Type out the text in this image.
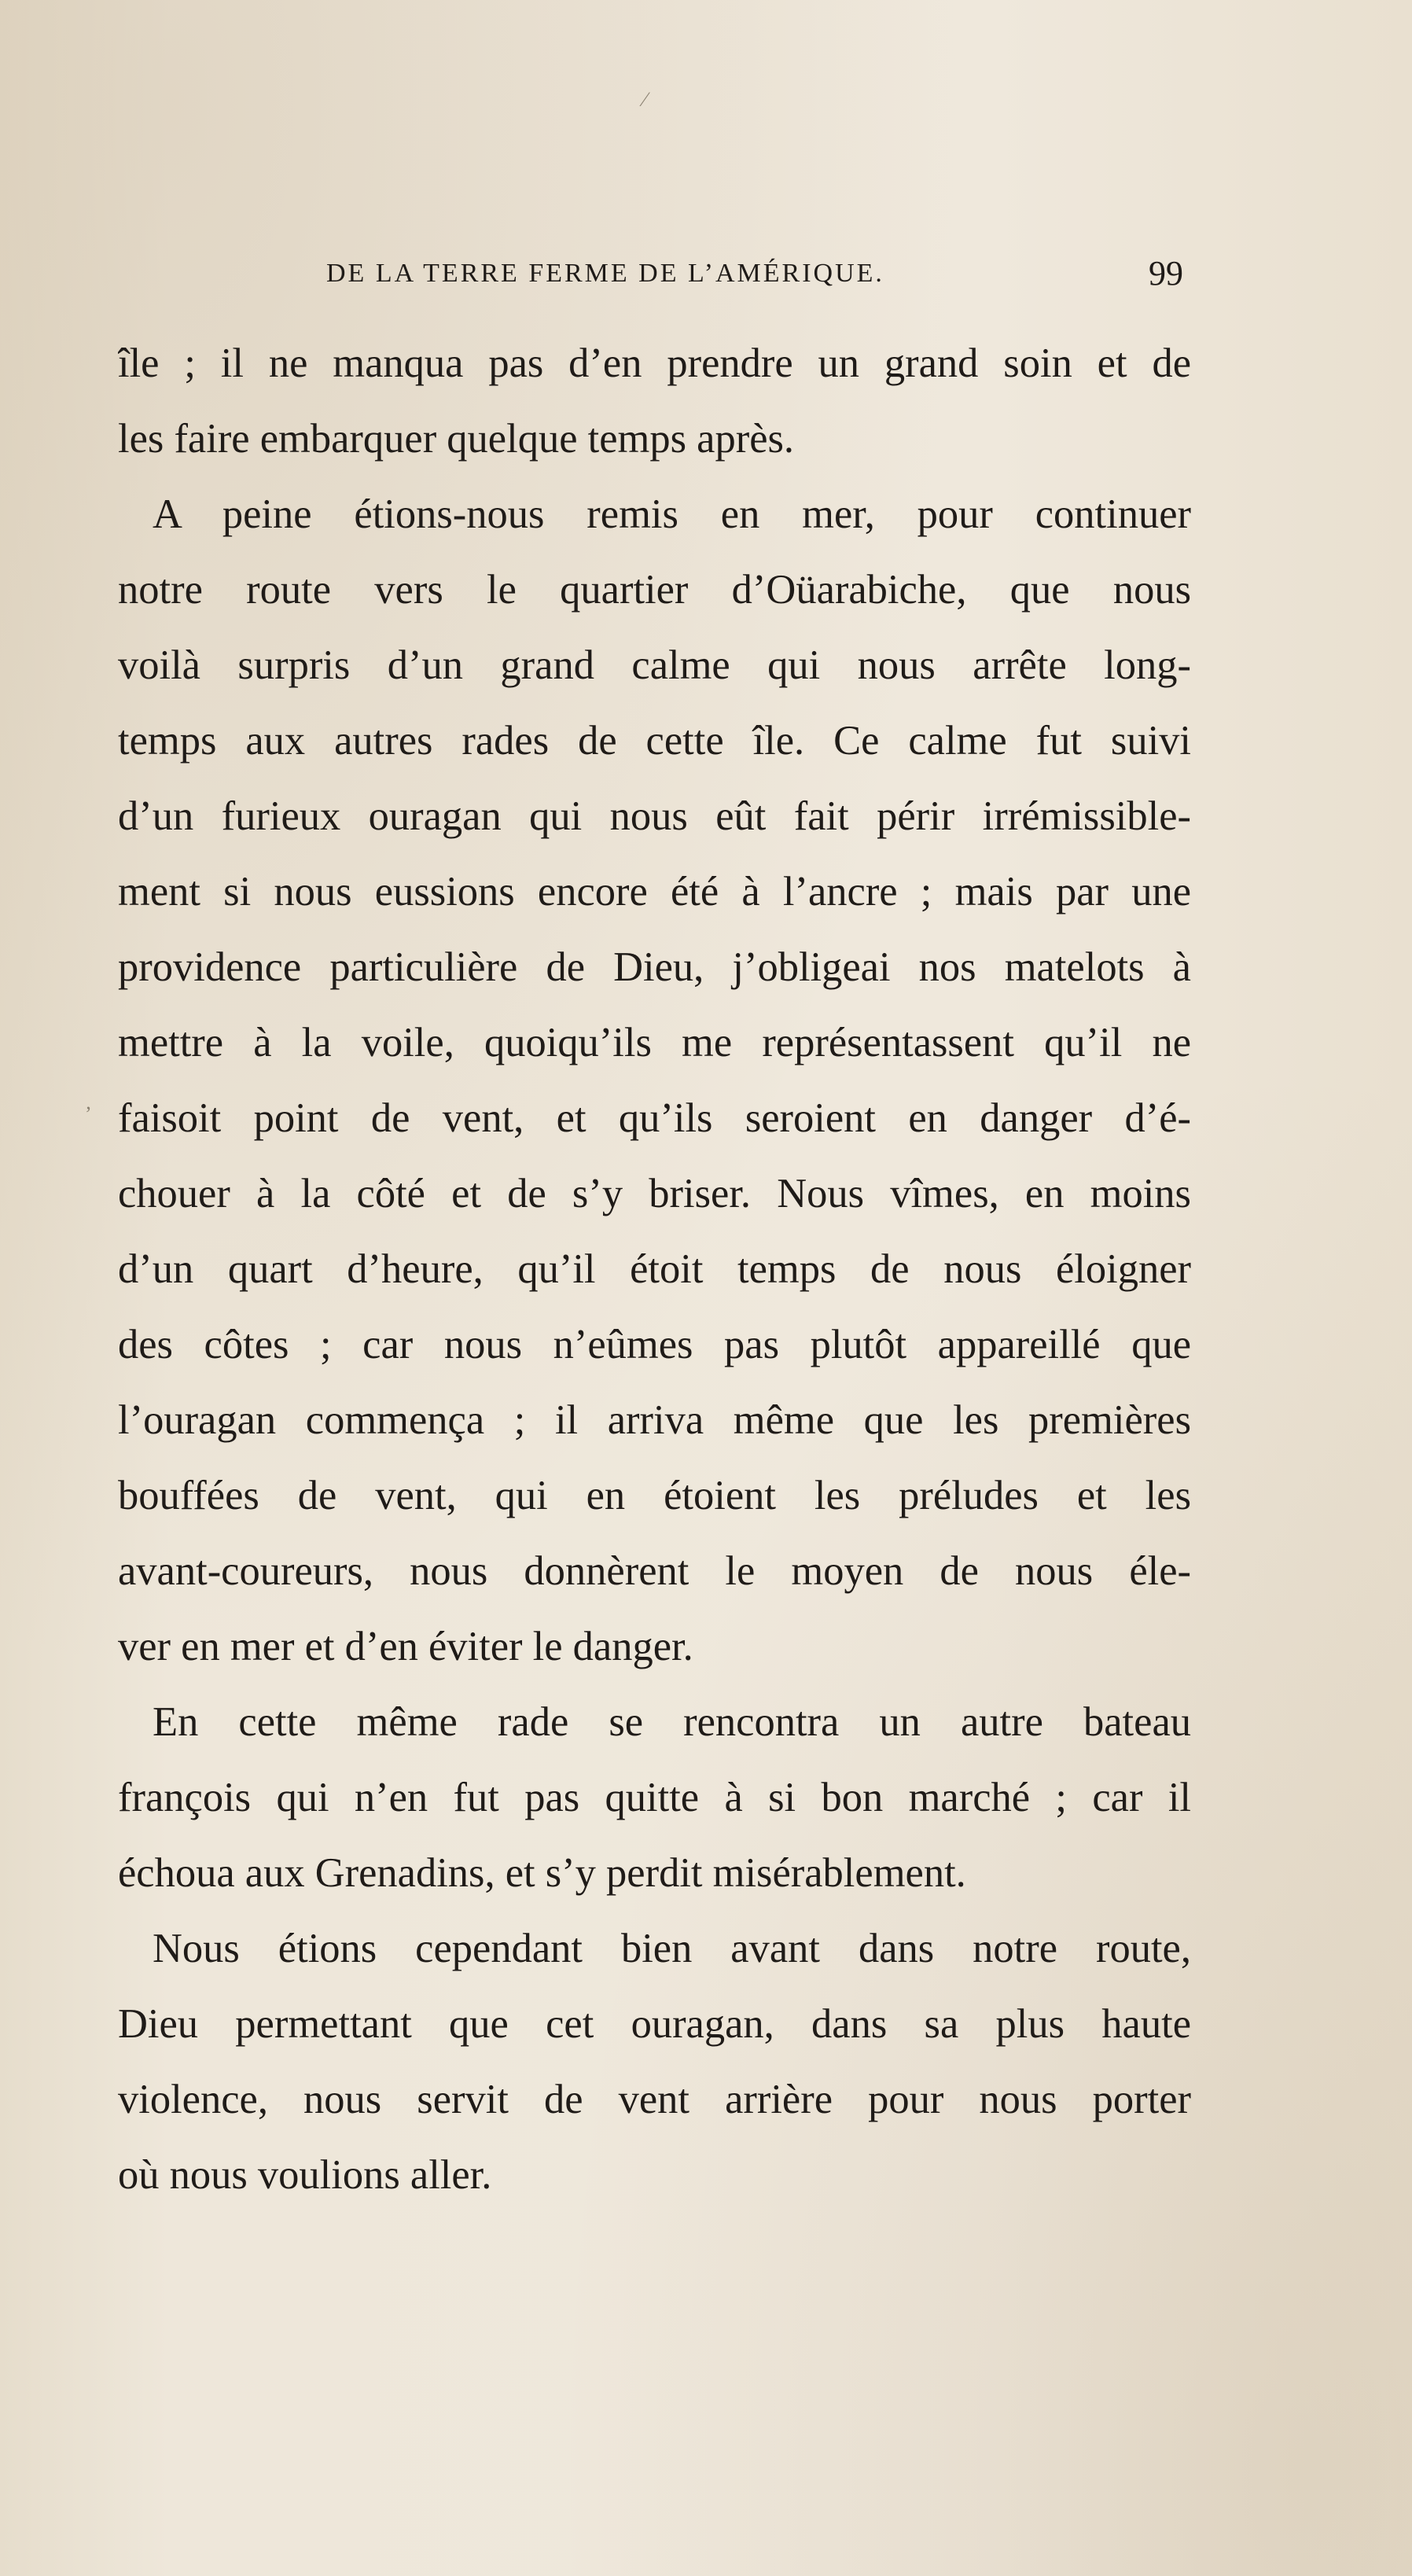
⁄
ʼ
DE LA TERRE FERME DE L’AMÉRIQUE.	99
île ; il ne manqua pas d’en prendre un grand soin et de
les faire embarquer quelque temps après.
A peine étions-nous remis en mer, pour continuer
notre route vers le quartier d’Oüarabiche, que nous
voilà surpris d’un grand calme qui nous arrête long-
temps aux autres rades de cette île. Ce calme fut suivi
d’un furieux ouragan qui nous eût fait périr irrémissible-
ment si nous eussions encore été à l’ancre ; mais par une
providence particulière de Dieu, j’obligeai nos matelots à
mettre à la voile, quoiqu’ils me représentassent qu’il ne
faisoit point de vent, et qu’ils seroient en danger d’é-
chouer à la côté et de s’y briser. Nous vîmes, en moins
d’un quart d’heure, qu’il étoit temps de nous éloigner
des côtes ; car nous n’eûmes pas plutôt appareillé que
l’ouragan commença ; il arriva même que les premières
bouffées de vent, qui en étoient les préludes et les
avant-coureurs, nous donnèrent le moyen de nous éle-
ver en mer et d’en éviter le danger.
En cette même rade se rencontra un autre bateau
françois qui n’en fut pas quitte à si bon marché ; car il
échoua aux Grenadins, et s’y perdit misérablement.
Nous étions cependant bien avant dans notre route,
Dieu permettant que cet ouragan, dans sa plus haute
violence, nous servit de vent arrière pour nous porter
où nous voulions aller.
